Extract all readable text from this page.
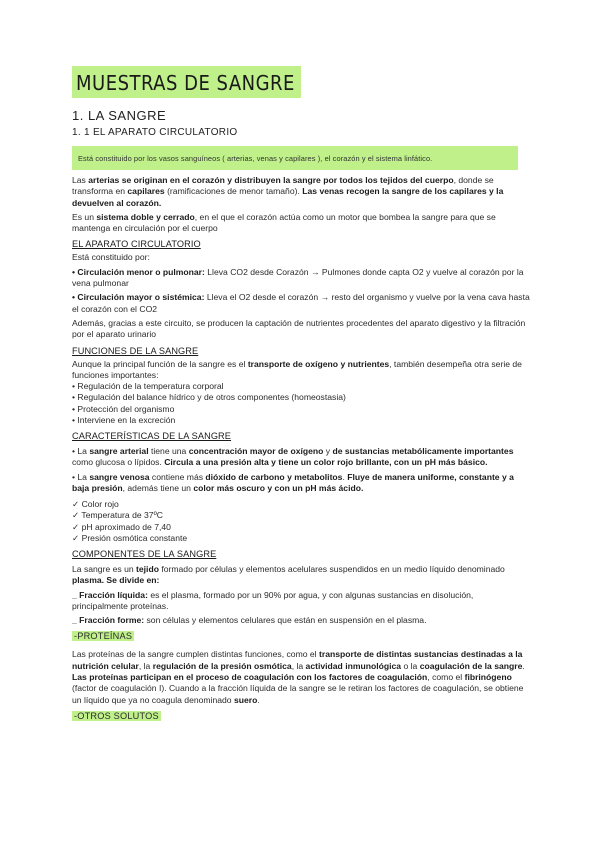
MUESTRAS DE SANGRE
1. LA SANGRE
1. 1 EL APARATO CIRCULATORIO
Está constituido por los vasos sanguíneos ( arterias, venas y capilares ), el corazón y el sistema linfático.

Las arterias se originan en el corazón y distribuyen la sangre por todos los tejidos del cuerpo, donde se transforma en capilares (ramificaciones de menor tamaño). Las venas recogen la sangre de los capilares y la devuelven al corazón.

Es un sistema doble y cerrado, en el que el corazón actúa como un motor que bombea la sangre para que se mantenga en circulación por el cuerpo

EL APARATO CIRCULATORIO

Está constituido por:

• Circulación menor o pulmonar: Lleva CO2 desde Corazón → Pulmones donde capta O2 y vuelve al corazón por la vena pulmonar

• Circulación mayor o sistémica: Lleva el O2 desde el corazón → resto del organismo y vuelve por la vena cava hasta el corazón con el CO2

Además, gracias a este circuito, se producen la captación de nutrientes procedentes del aparato digestivo y la filtración por el aparato urinario

FUNCIONES DE LA SANGRE

Aunque la principal función de la sangre es el transporte de oxígeno y nutrientes, también desempeña otra serie de funciones importantes:

• Regulación de la temperatura corporal
• Regulación del balance hídrico y de otros componentes (homeostasia)
• Protección del organismo
• Interviene en la excreción
CARACTERÍSTICAS DE LA SANGRE

• La sangre arterial tiene una concentración mayor de oxígeno y de sustancias metabólicamente importantes como glucosa o lípidos. Circula a una presión alta y tiene un color rojo brillante, con un pH más básico.

• La sangre venosa contiene más dióxido de carbono y metabolitos. Fluye de manera uniforme, constante y a baja presión, además tiene un color más oscuro y con un pH más ácido.

✓ Color rojo
✓ Temperatura de 37ºC
✓ pH aproximado de 7,40
✓ Presión osmótica constante
COMPONENTES DE LA SANGRE

La sangre es un tejido formado por células y elementos acelulares suspendidos en un medio líquido denominado plasma. Se divide en:

_ Fracción líquida: es el plasma, formado por un 90% por agua, y con algunas sustancias en disolución, principalmente proteínas.

_ Fracción forme: son células y elementos celulares que están en suspensión en el plasma.

-PROTEÍNAS

Las proteínas de la sangre cumplen distintas funciones, como el transporte de distintas sustancias destinadas a la nutrición celular, la regulación de la presión osmótica, la actividad inmunológica o la coagulación de la sangre.

Las proteínas participan en el proceso de coagulación con los factores de coagulación, como el fibrinógeno (factor de coagulación I). Cuando a la fracción líquida de la sangre se le retiran los factores de coagulación, se obtiene un líquido que ya no coagula denominado suero.

-OTROS SOLUTOS
